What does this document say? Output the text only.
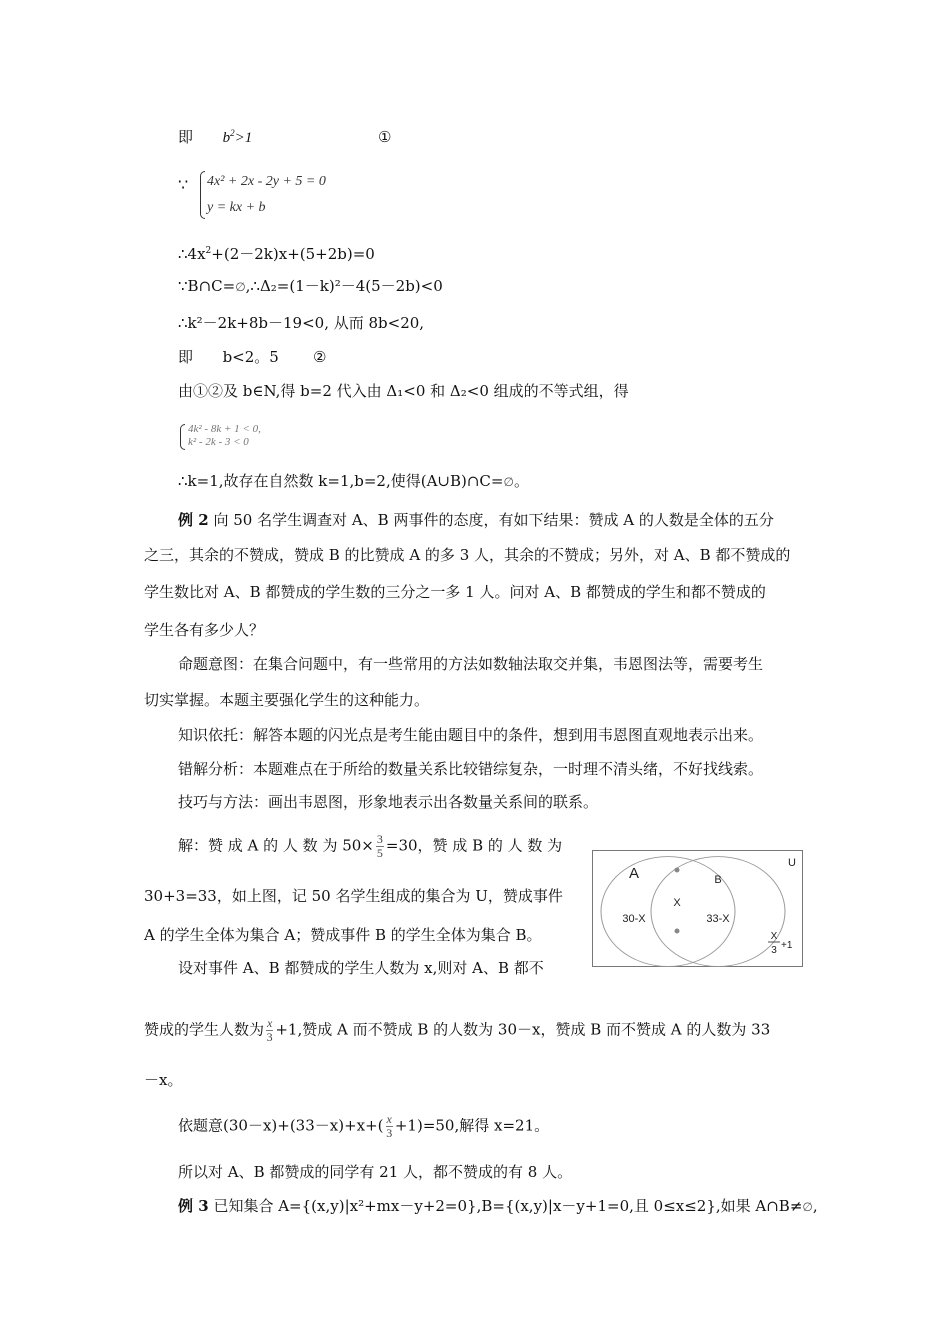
即 $b^2>1$	①
∵ 4x² + 2x - 2y + 5 = 0
y = kx + b
$\therefore 4x^2+(2-2k)x+(5+2b)=0$
∵B∩C=∅,∴Δ₂=(1－k)²－4(5－2b)<0
∴k²－2k+8b－19<0, 从而 8b<20,
即 b<2。5 ②
由①②及 b∈N,得 b=2 代入由 Δ₁<0 和 Δ₂<0 组成的不等式组，得
4k² - 8k + 1 < 0,
k² - 2k - 3 < 0
∴k=1,故存在自然数 k=1,b=2,使得(A∪B)∩C=∅。
例 2 向 50 名学生调查对 A、B 两事件的态度，有如下结果：赞成 A 的人数是全体的五分
之三，其余的不赞成，赞成 B 的比赞成 A 的多 3 人，其余的不赞成；另外，对 A、B 都不赞成的
学生数比对 A、B 都赞成的学生数的三分之一多 1 人。问对 A、B 都赞成的学生和都不赞成的
学生各有多少人？
命题意图：在集合问题中，有一些常用的方法如数轴法取交并集，韦恩图法等，需要考生
切实掌握。本题主要强化学生的这种能力。
知识依托：解答本题的闪光点是考生能由题目中的条件，想到用韦恩图直观地表示出来。
错解分析：本题难点在于所给的数量关系比较错综复杂，一时理不清头绪，不好找线索。
技巧与方法：画出韦恩图，形象地表示出各数量关系间的联系。
解：赞 成 A 的 人 数 为 $50\times \frac{3}{5} =30$，赞 成 B 的 人 数 为
30+3=33，如上图，记 50 名学生组成的集合为 U，赞成事件
A 的学生全体为集合 A；赞成事件 B 的学生全体为集合 B。
设对事件 A、B 都赞成的学生人数为 x,则对 A、B 都不
赞成的学生人数为 $\frac{x}{3} +1$,赞成 A 而不赞成 B 的人数为 30－x，赞成 B 而不赞成 A 的人数为 33
－x。
依题意$(30-x)+(33-x)+x+( \frac{x}{3} +1)=50$,解得 x=21。
所以对 A、B 都赞成的同学有 21 人，都不赞成的有 8 人。
例 3 已知集合 A={(x,y)|x²+mx－y+2=0},B={(x,y)|x－y+1=0,且 0≤x≤2},如果 A∩B≠∅,
U
A	B
X
30-X	33-X
X
3 +1
